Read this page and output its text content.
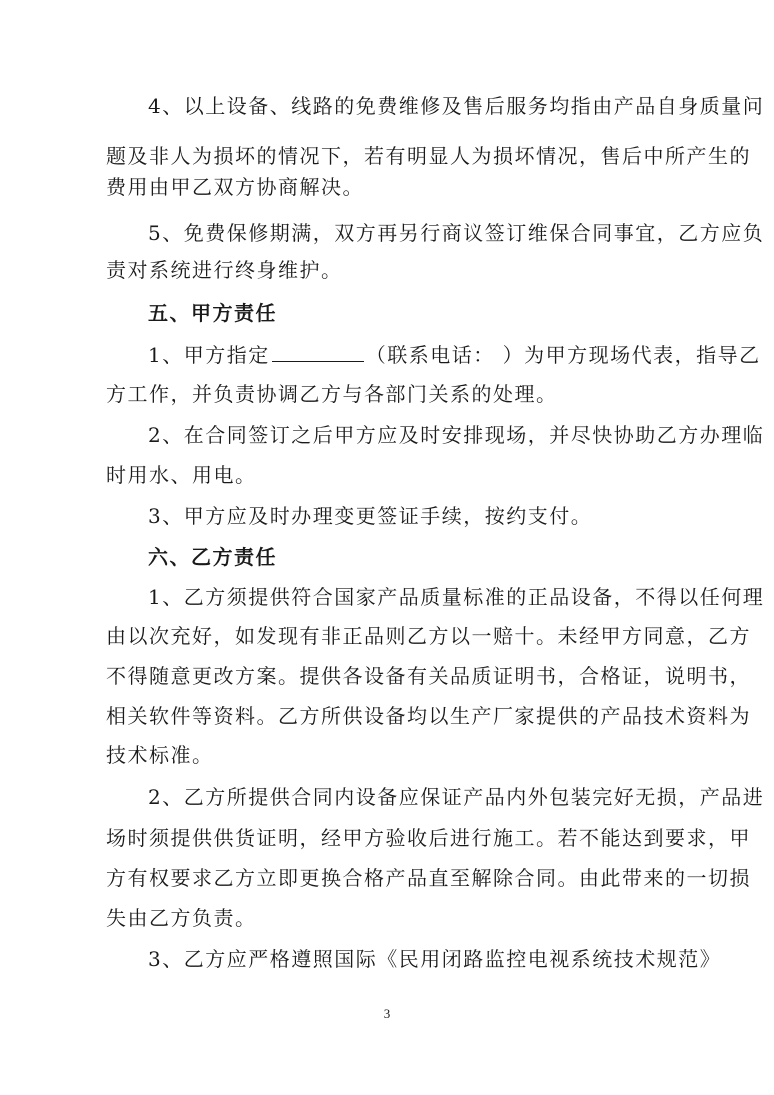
4、以上设备、线路的免费维修及售后服务均指由产品自身质量问
题及非人为损坏的情况下，若有明显人为损坏情况，售后中所产生的
费用由甲乙双方协商解决。
5、免费保修期满，双方再另行商议签订维保合同事宜，乙方应负
责对系统进行终身维护。
五、甲方责任
1、甲方指定	（联系电话： ）为甲方现场代表，指导乙
方工作，并负责协调乙方与各部门关系的处理。
2、在合同签订之后甲方应及时安排现场，并尽快协助乙方办理临
时用水、用电。
3、甲方应及时办理变更签证手续，按约支付。
六、乙方责任
1、乙方须提供符合国家产品质量标准的正品设备，不得以任何理
由以次充好，如发现有非正品则乙方以一赔十。未经甲方同意，乙方
不得随意更改方案。提供各设备有关品质证明书，合格证，说明书，
相关软件等资料。乙方所供设备均以生产厂家提供的产品技术资料为
技术标准。
2、乙方所提供合同内设备应保证产品内外包装完好无损，产品进
场时须提供供货证明，经甲方验收后进行施工。若不能达到要求，甲
方有权要求乙方立即更换合格产品直至解除合同。由此带来的一切损
失由乙方负责。
3、乙方应严格遵照国际《民用闭路监控电视系统技术规范》
3
